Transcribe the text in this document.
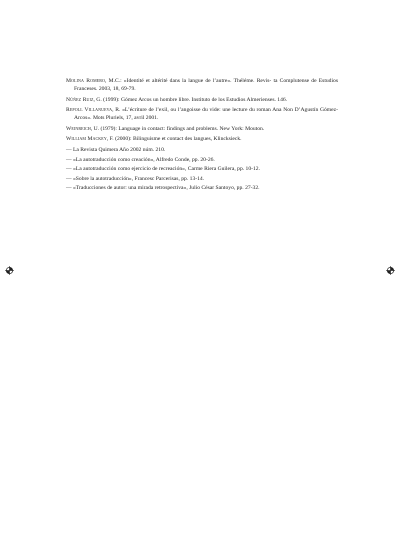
Molina Romero, M.C.: «Identité et altérité dans la langue de l’autre». Théléme. Revis- ta Complutense de Estudios Franceses. 2003, 18, 69-79.

Núñez Ruiz, G. (1999): Gómez Arcos un hombre libre. Instituto de los Estudios Almerienses. 146.

Repoll Villanueva, R. «L’écriture de l’exil, ou l’angoisse du vide: une lecture du roman Ana Non D’Agustín Gómez-Arcos». Mots Pluriels, 17, avril 2001.

Weinreich, U. (1979): Language in contact: findings and problems. New York: Mouton.

William Mackey, F. (2000): Bilinguisme et contact des langues, Klincksieck.

— La Revista Quimera Año 2002 núm. 210.

— «La autotraducción como creación», Alfredo Conde, pp. 20-26.

— «La autotraducción como ejercicio de recreación», Carme Riera Guilera, pp. 10-12.

— «Sobre la autotraducción», Francesc Parcerisas, pp. 13-14.

— «Traducciones de autor: una mirada retrospectiva», Julio César Santoyo, pp. 27-32.
